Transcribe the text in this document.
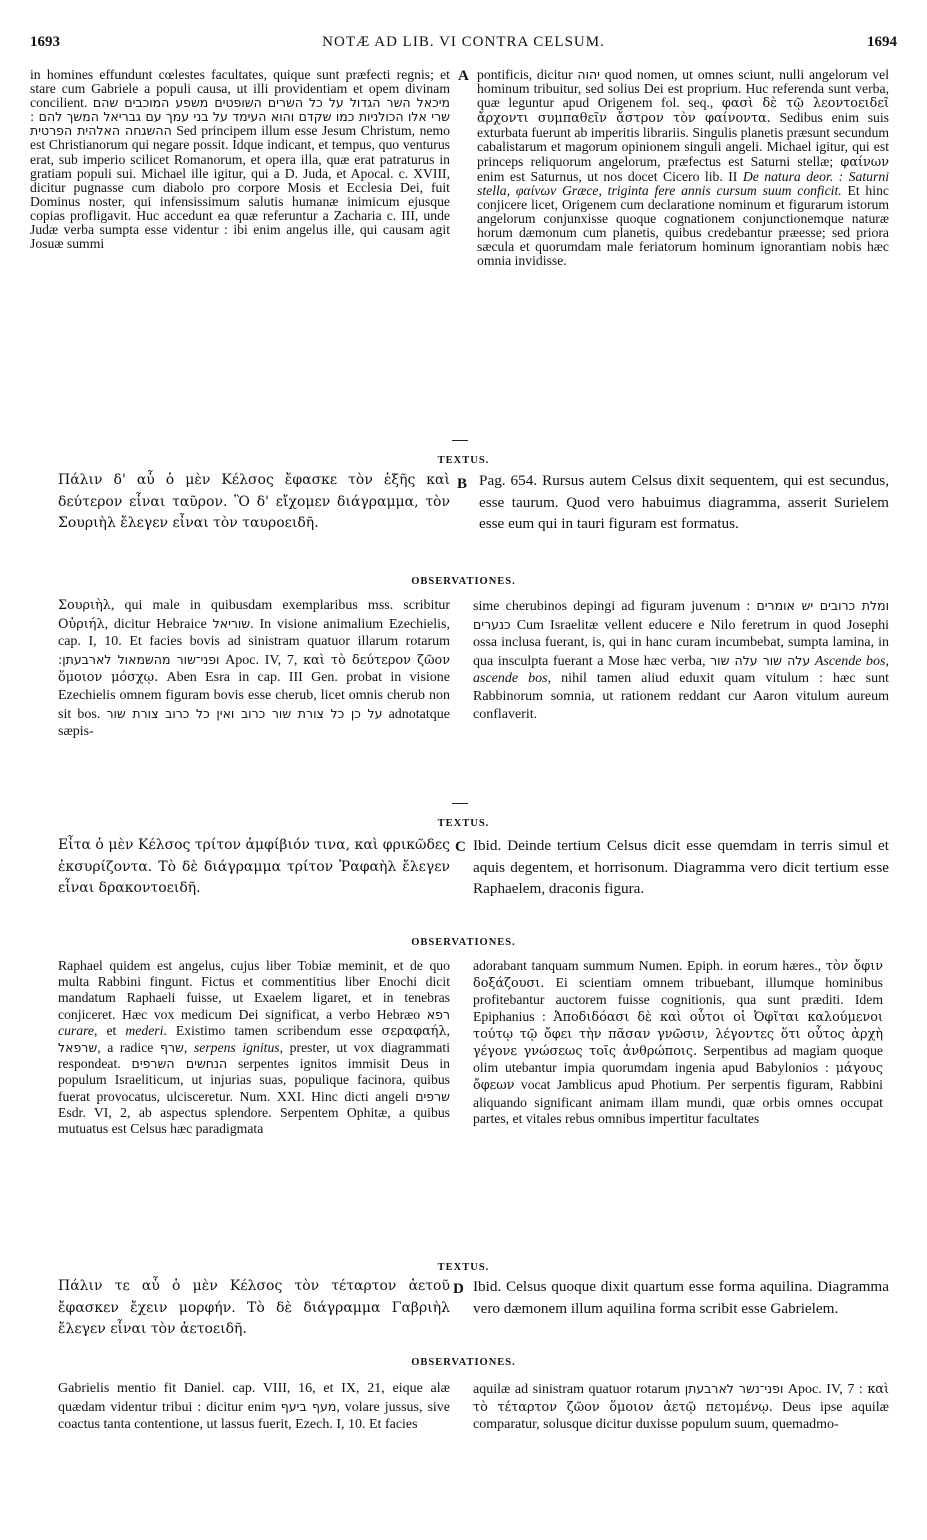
1693	NOTÆ AD LIB. VI CONTRA CELSUM.	1694

in homines effundunt cœlestes facultates, quique sunt præfecti regnis; et stare cum Gabriele a populi causa, ut illi providentiam et opem divinam concilient. מיכאל השר הגדול על כל השרים השופטים משפע המוכבים שהם שרי אלו הכולניות כמו שקדם והוא העימד על בני עמך עם גבריאל המשך להם : ההשגחה האלהית הפרטית Sed principem illum esse Jesum Christum, nemo est Christianorum qui negare possit. Idque indicant, et tempus, quo venturus erat, sub imperio scilicet Romanorum, et opera illa, quæ erat patraturus in gratiam populi sui. Michael ille igitur, qui a D. Juda, et Apocal. c. XVIII, dicitur pugnasse cum diabolo pro corpore Mosis et Ecclesia Dei, fuit Dominus noster, qui infensissimum salutis humanæ inimicum ejusque copias profligavit. Huc accedunt ea quæ referuntur a Zacharia c. III, unde Judæ verba sumpta esse videntur : ibi enim angelus ille, qui causam agit Josuæ summi

A pontificis, dicitur יהוה quod nomen, ut omnes sciunt, nulli angelorum vel hominum tribuitur, sed solius Dei est proprium. Huc referenda sunt verba, quæ leguntur apud Origenem fol. seq., φασὶ δὲ τῷ λεοντοειδεῖ ἄρχοντι συμπαθεῖν ἄστρον τὸν φαίνοντα. Sedibus enim suis exturbata fuerunt ab imperitis librariis. Singulis planetis præsunt secundum cabalistarum et magorum opinionem singuli angeli. Michael igitur, qui est princeps reliquorum angelorum, præfectus est Saturni stellæ; φαίνων enim est Saturnus, ut nos docet Cicero lib. II De natura deor. : Saturni stella, φαίνων Græce, triginta fere annis cursum suum conficit. Et hinc conjicere licet, Origenem cum declaratione nominum et figurarum istorum angelorum conjunxisse quoque cognationem conjunctionemque naturæ horum dæmonum cum planetis, quibus credebantur præesse; sed priora sæcula et quorumdam male feriatorum hominum ignorantiam nobis hæc omnia invidisse.

TEXTUS.

Πάλιν δ' αὖ ὁ μὲν Κέλσος ἔφασκε τὸν ἑξῆς καὶ δεύτερον εἶναι ταῦρον. Ὃ δ' εἴχομεν διάγραμμα, τὸν Σουριὴλ ἔλεγεν εἶναι τὸν ταυροειδῆ.

B Pag. 654. Rursus autem Celsus dixit sequentem, qui est secundus, esse taurum. Quod vero habuimus diagramma, asserit Surielem esse eum qui in tauri figuram est formatus.

OBSERVATIONES.

Σουριὴλ, qui male in quibusdam exemplaribus mss. scribitur Οὐριήλ, dicitur Hebraice שוריאל. In visione animalium Ezechielis, cap. I, 10. Et facies bovis ad sinistram quatuor illarum rotarum ופני־שור מהשמאול לארבעתן: Apoc. IV, 7, καὶ τὸ δεύτερον ζῶον ὅμοιον μόσχῳ. Aben Esra in cap. III Gen. probat in visione Ezechielis omnem figuram bovis esse cherub, licet omnis cherub non sit bos. על כן כל צורת שור כרוב ואין כל כרוב צורת שור adnotatque sæpis-

sime cherubinos depingi ad figuram juvenum : ומלת כרובים יש אומרים כנערים Cum Israelitæ vellent educere e Nilo feretrum in quod Josephi ossa inclusa fuerant, is, qui in hanc curam incumbebat, sumpta lamina, in qua insculpta fuerant a Mose hæc verba, עלה שור עלה שור Ascende bos, ascende bos, nihil tamen aliud eduxit quam vitulum : hæc sunt Rabbinorum somnia, ut rationem reddant cur Aaron vitulum aureum conflaverit.

TEXTUS.

Εἶτα ὁ μὲν Κέλσος τρίτον ἀμφίβιόν τινα, καὶ φρικῶδες ἐκσυρίζοντα. Τὸ δὲ διάγραμμα τρίτον Ῥαφαὴλ ἔλεγεν εἶναι δρακοντοειδῆ.

C Ibid. Deinde tertium Celsus dicit esse quemdam in terris simul et aquis degentem, et horrisonum. Diagramma vero dicit tertium esse Raphaelem, draconis figura.

OBSERVATIONES.

Raphael quidem est angelus, cujus liber Tobiæ meminit, et de quo multa Rabbini fingunt. Fictus et commentitius liber Enochi dicit mandatum Raphaeli fuisse, ut Exaelem ligaret, et in tenebras conjiceret. Hæc vox medicum Dei significat, a verbo Hebræo רפא curare, et mederi. Existimo tamen scribendum esse σεραφαήλ, שרפאל, a radice שרף, serpens ignitus, prester, ut vox diagrammati respondeat. הנחשים השרפים serpentes ignitos immisit Deus in populum Israeliticum, ut injurias suas, populique facinora, quibus fuerat provocatus, ulcisceretur. Num. XXI. Hinc dicti angeli שרפים Esdr. VI, 2, ab aspectus splendore. Serpentem Ophitæ, a quibus mutuatus est Celsus hæc paradigmata

adorabant tanquam summum Numen. Epiph. in eorum hæres., τὸν ὄφιν δοξάζουσι. Ei scientiam omnem tribuebant, illumque hominibus profitebantur auctorem fuisse cognitionis, qua sunt præditi. Idem Epiphanius : Ἀποδιδόασι δὲ καὶ οὗτοι οἱ Ὀφῖται καλούμενοι τούτῳ τῷ ὄφει τὴν πᾶσαν γνῶσιν, λέγοντες ὅτι οὗτος ἀρχὴ γέγονε γνώσεως τοῖς ἀνθρώποις. Serpentibus ad magiam quoque olim utebantur impia quorumdam ingenia apud Babylonios : μάγους ὄφεων vocat Jamblicus apud Photium. Per serpentis figuram, Rabbini aliquando significant animam illam mundi, quæ orbis omnes occupat partes, et vitales rebus omnibus impertitur facultates

TEXTUS.

Πάλιν τε αὖ ὁ μὲν Κέλσος τὸν τέταρτον ἀετοῦ ἔφασκεν ἔχειν μορφήν. Τὸ δὲ διάγραμμα Γαβριὴλ ἔλεγεν εἶναι τὸν ἀετοειδῆ.

D Ibid. Celsus quoque dixit quartum esse forma aquilina. Diagramma vero dæmonem illum aquilina forma scribit esse Gabrielem.

OBSERVATIONES.

Gabrielis mentio fit Daniel. cap. VIII, 16, et IX, 21, eique alæ quædam videntur tribui : dicitur enim מעף ביעף, volare jussus, sive coactus tanta contentione, ut lassus fuerit, Ezech. I, 10. Et facies

aquilæ ad sinistram quatuor rotarum ופני־נשר לארבעתן Apoc. IV, 7 : καὶ τὸ τέταρτον ζῶον ὅμοιον ἀετῷ πετομένῳ. Deus ipse aquilæ comparatur, solusque dicitur duxisse populum suum, quemadmo-
